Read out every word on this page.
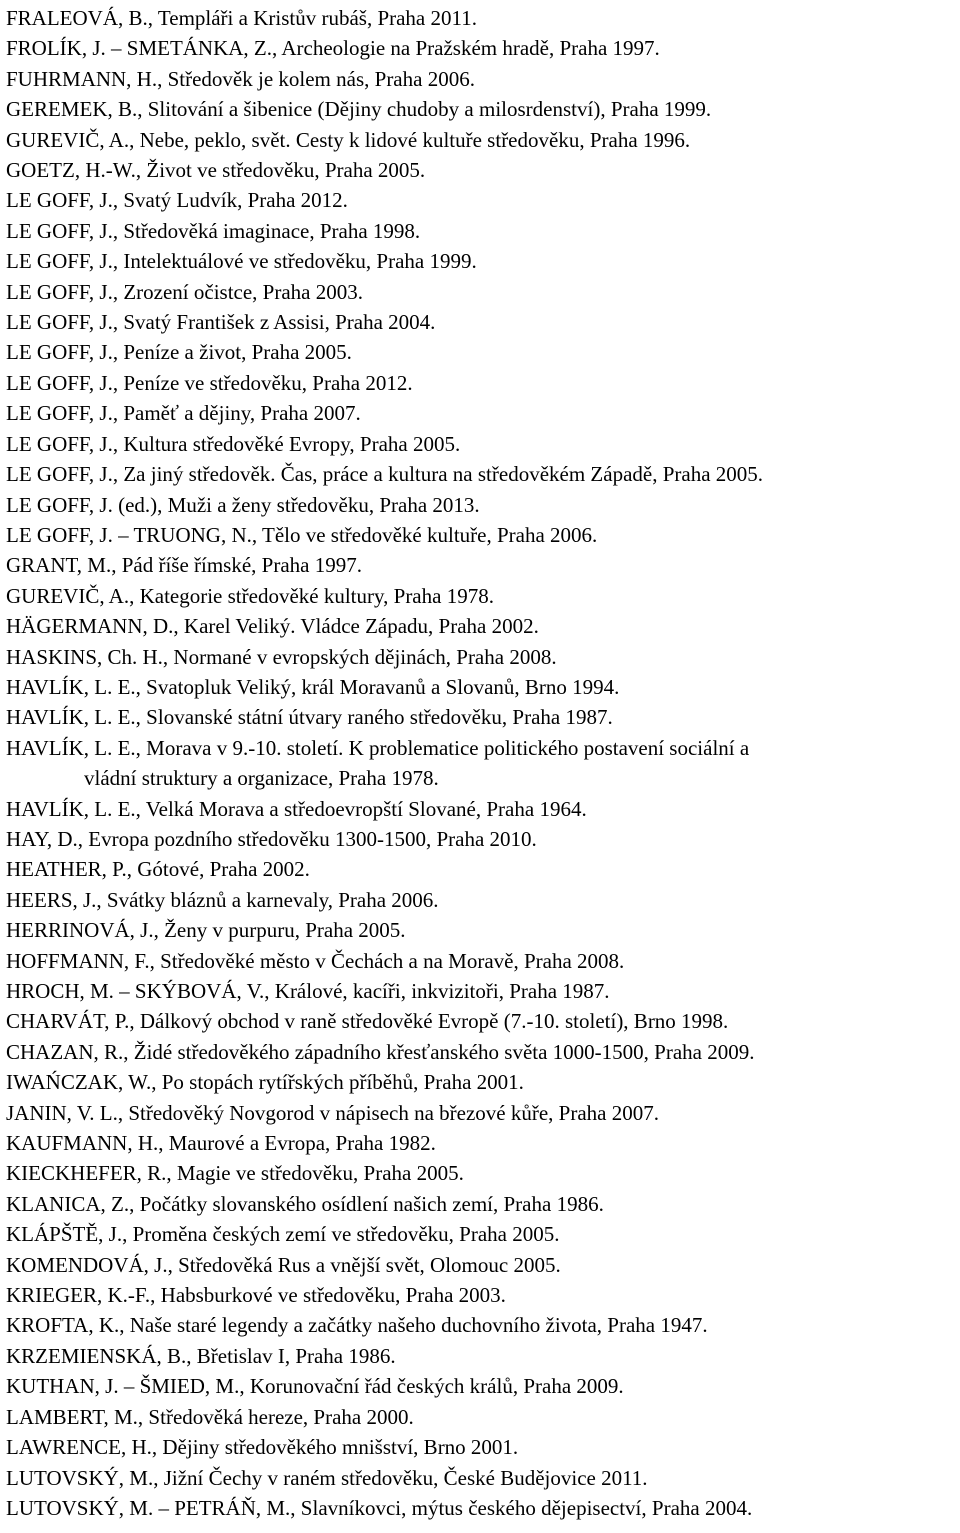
FRALEOVÁ, B., Templáři a Kristův rubáš, Praha 2011.
FROLÍK, J. – SMETÁNKA, Z., Archeologie na Pražském hradě, Praha 1997.
FUHRMANN, H., Středověk je kolem nás, Praha 2006.
GEREMEK, B., Slitování a šibenice (Dějiny chudoby a milosrdenství), Praha 1999.
GUREVIČ, A., Nebe, peklo, svět. Cesty k lidové kultuře středověku, Praha 1996.
GOETZ, H.-W., Život ve středověku, Praha 2005.
LE GOFF, J., Svatý Ludvík, Praha 2012.
LE GOFF, J., Středověká imaginace, Praha 1998.
LE GOFF, J., Intelektuálové ve středověku, Praha 1999.
LE GOFF, J., Zrození očistce, Praha 2003.
LE GOFF, J., Svatý František z Assisi, Praha 2004.
LE GOFF, J., Peníze a život, Praha 2005.
LE GOFF, J., Peníze ve středověku, Praha 2012.
LE GOFF, J., Paměť a dějiny, Praha 2007.
LE GOFF, J., Kultura středověké Evropy, Praha 2005.
LE GOFF, J., Za jiný středověk. Čas, práce a kultura na středověkém Západě, Praha 2005.
LE GOFF, J. (ed.), Muži a ženy středověku, Praha 2013.
LE GOFF, J. – TRUONG, N., Tělo ve středověké kultuře, Praha 2006.
GRANT, M., Pád říše římské, Praha 1997.
GUREVIČ, A., Kategorie středověké kultury, Praha 1978.
HÄGERMANN, D., Karel Veliký. Vládce Západu, Praha 2002.
HASKINS, Ch. H., Normané v evropských dějinách, Praha 2008.
HAVLÍK, L. E., Svatopluk Veliký, král Moravanů a Slovanů, Brno 1994.
HAVLÍK, L. E., Slovanské státní útvary raného středověku, Praha 1987.
HAVLÍK, L. E., Morava v 9.-10. století. K problematice politického postavení sociální a
vládní struktury a organizace, Praha 1978.
HAVLÍK, L. E., Velká Morava a středoevropští Slované, Praha 1964.
HAY, D., Evropa pozdního středověku 1300-1500, Praha 2010.
HEATHER, P., Gótové, Praha 2002.
HEERS, J., Svátky bláznů a karnevaly, Praha 2006.
HERRINOVÁ, J., Ženy v purpuru, Praha 2005.
HOFFMANN, F., Středověké město v Čechách a na Moravě, Praha 2008.
HROCH, M. – SKÝBOVÁ, V., Králové, kacíři, inkvizitoři, Praha 1987.
CHARVÁT, P., Dálkový obchod v raně středověké Evropě (7.-10. století), Brno 1998.
CHAZAN, R., Židé středověkého západního křesťanského světa 1000-1500, Praha 2009.
IWAŃCZAK, W., Po stopách rytířských příběhů, Praha 2001.
JANIN, V. L., Středověký Novgorod v nápisech na březové kůře, Praha 2007.
KAUFMANN, H., Maurové a Evropa, Praha 1982.
KIECKHEFER, R., Magie ve středověku, Praha 2005.
KLANICA, Z., Počátky slovanského osídlení našich zemí, Praha 1986.
KLÁPŠTĚ, J., Proměna českých zemí ve středověku, Praha 2005.
KOMENDOVÁ, J., Středověká Rus a vnější svět, Olomouc 2005.
KRIEGER, K.-F., Habsburkové ve středověku, Praha 2003.
KROFTA, K., Naše staré legendy a začátky našeho duchovního života, Praha 1947.
KRZEMIENSKÁ, B., Břetislav I, Praha 1986.
KUTHAN, J. – ŠMIED, M., Korunovační řád českých králů, Praha 2009.
LAMBERT, M., Středověká hereze, Praha 2000.
LAWRENCE, H., Dějiny středověkého mnišství, Brno 2001.
LUTOVSKÝ, M., Jižní Čechy v raném středověku, České Budějovice 2011.
LUTOVSKÝ, M. – PETRÁŇ, M., Slavníkovci, mýtus českého dějepisectví, Praha 2004.
